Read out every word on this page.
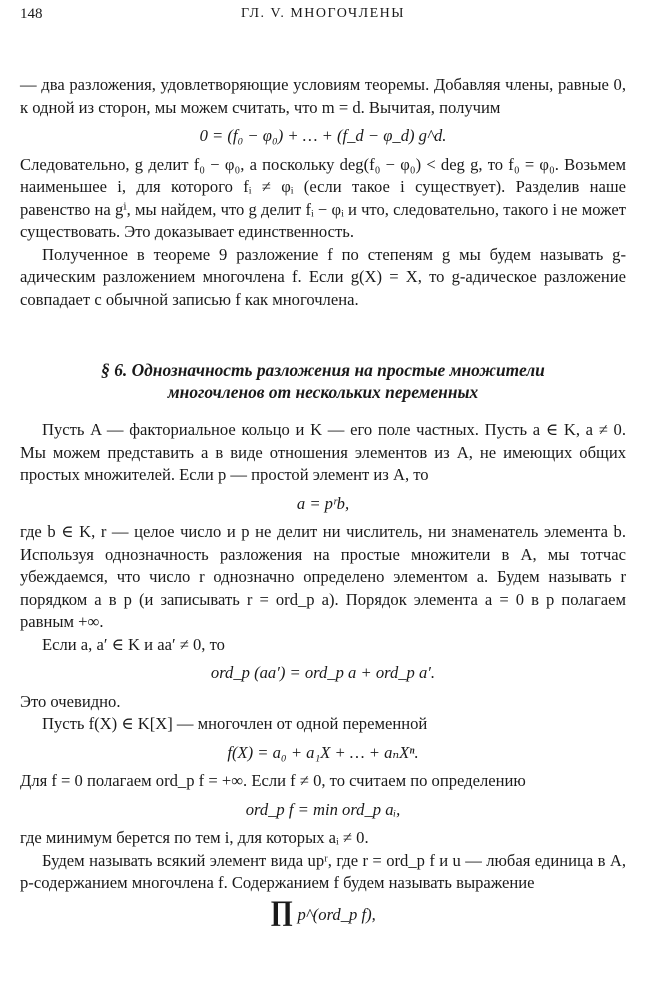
148	ГЛ. V. МНОГОЧЛЕНЫ

— два разложения, удовлетворяющие условиям теоремы. Добавляя члены, равные 0, к одной из сторон, мы можем считать, что m = d. Вычитая, получим

0 = (f₀ − φ₀) + … + (f_d − φ_d) g^d.

Следовательно, g делит f₀ − φ₀, а поскольку deg(f₀ − φ₀) < deg g, то f₀ = φ₀. Возьмем наименьшее i, для которого fᵢ ≠ φᵢ (если такое i существует). Разделив наше равенство на gⁱ, мы найдем, что g делит fᵢ − φᵢ и что, следовательно, такого i не может существовать. Это доказывает единственность.

Полученное в теореме 9 разложение f по степеням g мы будем называть g-адическим разложением многочлена f. Если g(X) = X, то g-адическое разложение совпадает с обычной записью f как многочлена.

§ 6. Однозначность разложения на простые множители
многочленов от нескольких переменных

Пусть A — факториальное кольцо и K — его поле частных. Пусть a ∈ K, a ≠ 0. Мы можем представить a в виде отношения элементов из A, не имеющих общих простых множителей. Если p — простой элемент из A, то

a = pʳb,

где b ∈ K, r — целое число и p не делит ни числитель, ни знаменатель элемента b. Используя однозначность разложения на простые множители в A, мы тотчас убеждаемся, что число r однозначно определено элементом a. Будем называть r порядком a в p (и записывать r = ord_p a). Порядок элемента a = 0 в p полагаем равным +∞.

Если a, a′ ∈ K и aa′ ≠ 0, то

ord_p (aa′) = ord_p a + ord_p a′.

Это очевидно.

Пусть f(X) ∈ K[X] — многочлен от одной переменной

f(X) = a₀ + a₁X + … + aₙXⁿ.

Для f = 0 полагаем ord_p f = +∞. Если f ≠ 0, то считаем по определению

ord_p f = min ord_p aᵢ,

где минимум берется по тем i, для которых aᵢ ≠ 0.

Будем называть всякий элемент вида upʳ, где r = ord_p f и u — любая единица в A, p-содержанием многочлена f. Содержанием f будем называть выражение

∏ p^(ord_p f),
